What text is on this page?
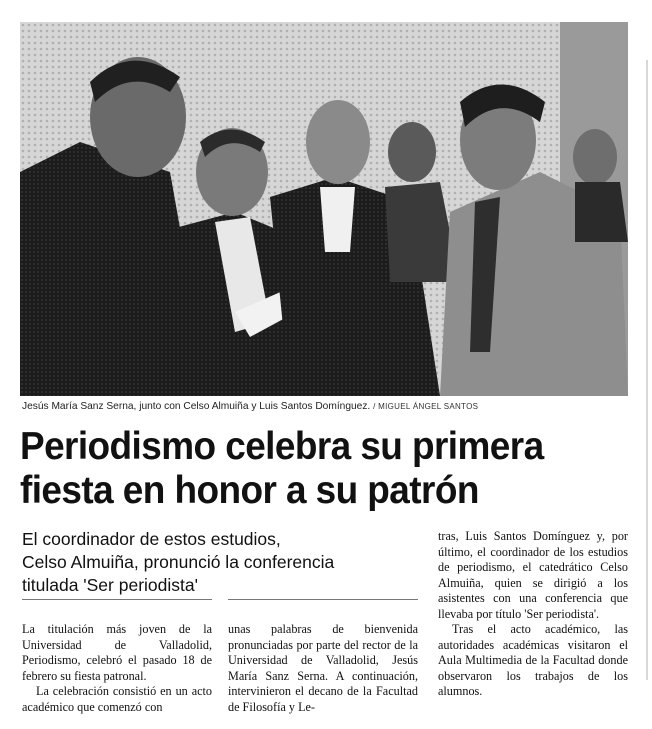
Jesús María Sanz Serna, junto con Celso Almuiña y Luis Santos Domínguez. / MIGUEL ÁNGEL SANTOS
Periodismo celebra su primera
fiesta en honor a su patrón
El coordinador de estos estudios,
Celso Almuiña, pronunció la conferencia
titulada 'Ser periodista'

La titulación más joven de la Universidad de Valladolid, Periodismo, celebró el pasado 18 de febrero su fiesta patronal.

La celebración consistió en un acto académico que comenzó con

unas palabras de bienvenida pronunciadas por parte del rector de la Universidad de Valladolid, Jesús María Sanz Serna. A continuación, intervinieron el decano de la Facultad de Filosofía y Le-

tras, Luis Santos Domínguez y, por último, el coordinador de los estudios de periodismo, el catedrático Celso Almuiña, quien se dirigió a los asistentes con una conferencia que llevaba por título 'Ser periodista'.

Tras el acto académico, las autoridades académicas visitaron el Aula Multimedia de la Facultad donde observaron los trabajos de los alumnos.
